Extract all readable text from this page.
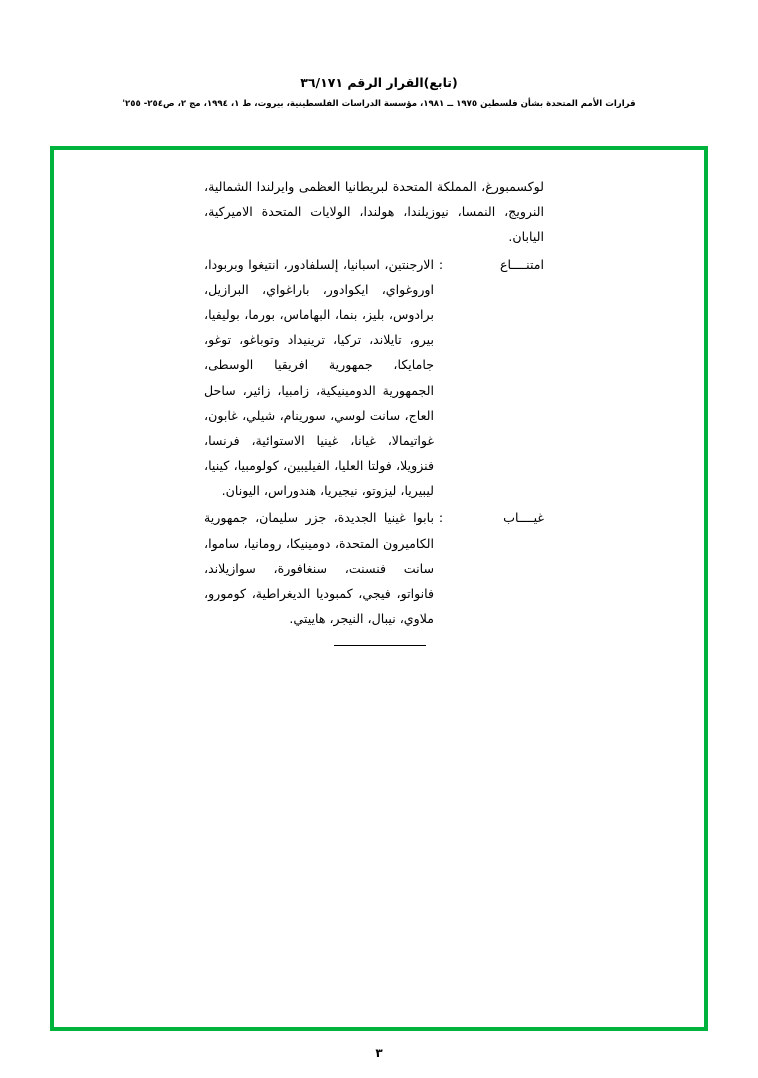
(تابع)القرار الرقم ٣٦/١٧١
قرارات الأمم المتحدة بشأن فلسطين ١٩٧٥ ــ ١٩٨١، مؤسسة الدراسات الفلسطينية، بيروت، ط ١، ١٩٩٤، مج ٢، ص٢٥٤- ٢٥٥'

لوكسمبورغ، المملكة المتحدة لبريطانيا العظمى وايرلندا الشمالية، النرويج، النمسا، نيوزيلندا، هولندا، الولايات المتحدة الاميركية، اليابان.

امتنــــاع
:
الارجنتين، اسبانيا، إلسلفادور، انتيغوا وبربودا، اوروغواي، ايكوادور، باراغواي، البرازيل، برادوس، بليز، بنما، البهاماس، بورما، بوليفيا، بيرو، تايلاند، تركيا، ترينيداد وتوباغو، توغو، جامايكا، جمهورية افريقيا الوسطى، الجمهورية الدومينيكية، زامبيا، زائير، ساحل العاج، سانت لوسي، سورينام، شيلي، غابون، غواتيمالا، غيانا، غينيا الاستوائية، فرنسا، فنزويلا، فولتا العليا، الفيليبين، كولومبيا، كينيا، ليبيريا، ليزوتو، نيجيريا، هندوراس، اليونان.
غيــــاب
:
بابوا غينيا الجديدة، جزر سليمان، جمهورية الكاميرون المتحدة، دومينيكا، رومانيا، ساموا، سانت فنسنت، سنغافورة، سوازيلاند، فانواتو، فيجي، كمبوديا الديغراطية، كومورو، ملاوي، نيبال، النيجر، هاييتي.
٣
